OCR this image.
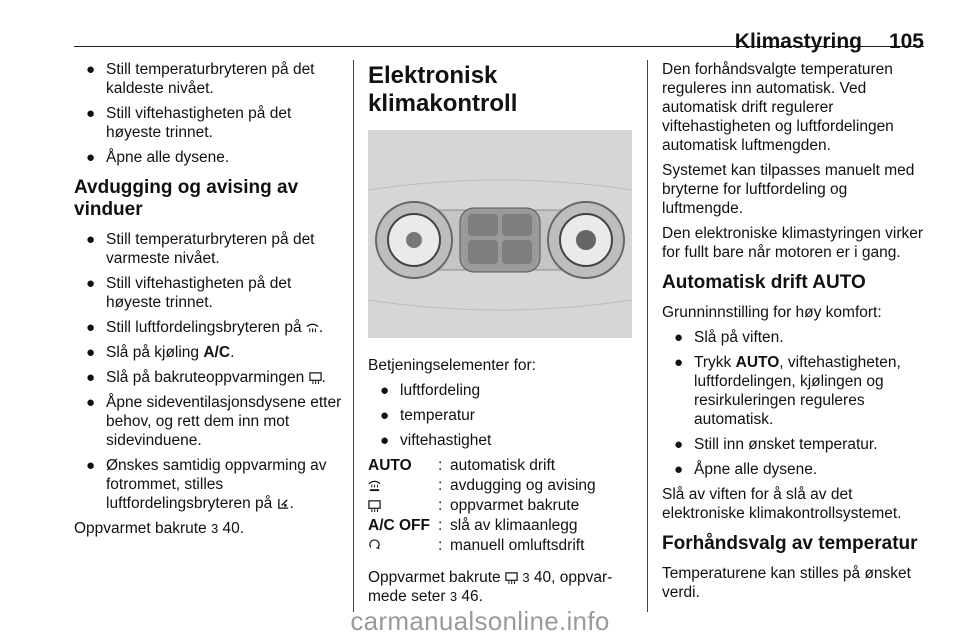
Klimastyring 105
● Still temperaturbryteren på det kaldeste nivået.
● Still viftehastigheten på det høyeste trinnet.
● Åpne alle dysene.
Avdugging og avising av vinduer
● Still temperaturbryteren på det varmeste nivået.
● Still viftehastigheten på det høyeste trinnet.
● Still luftfordelingsbryteren på .
● Slå på kjøling A/C.
● Slå på bakruteoppvarmingen .
● Åpne sideventilasjonsdysene etter behov, og rett dem inn mot sidevinduene.
● Ønskes samtidig oppvarming av fotrommet, stilles luftfordelingsbryteren på .

Oppvarmet bakrute 3 40.

Elektronisk klimakontroll

Betjeningselementer for:

● luftfordeling
● temperatur
● viftehastighet
AUTO	:	automatisk drift
	:	avdugging og avising
	:	oppvarmet bakrute
A/C OFF	:	slå av klimaanlegg
	:	manuell omluftsdrift

Oppvarmet bakrute 3 40, oppvar-
mede seter 3 46.

Den forhåndsvalgte temperaturen reguleres inn automatisk. Ved automatisk drift regulerer viftehastigheten og luftfordelingen automatisk luftmengden.

Systemet kan tilpasses manuelt med bryterne for luftfordeling og luftmengde.

Den elektroniske klimastyringen virker for fullt bare når motoren er i gang.

Automatisk drift AUTO

Grunninnstilling for høy komfort:

● Slå på viften.
● Trykk AUTO, viftehastigheten, luftfordelingen, kjølingen og resirkuleringen reguleres automatisk.
● Still inn ønsket temperatur.
● Åpne alle dysene.

Slå av viften for å slå av det elektroniske klimakontrollsystemet.

Forhåndsvalg av temperatur

Temperaturene kan stilles på ønsket verdi.

carmanualsonline.info
